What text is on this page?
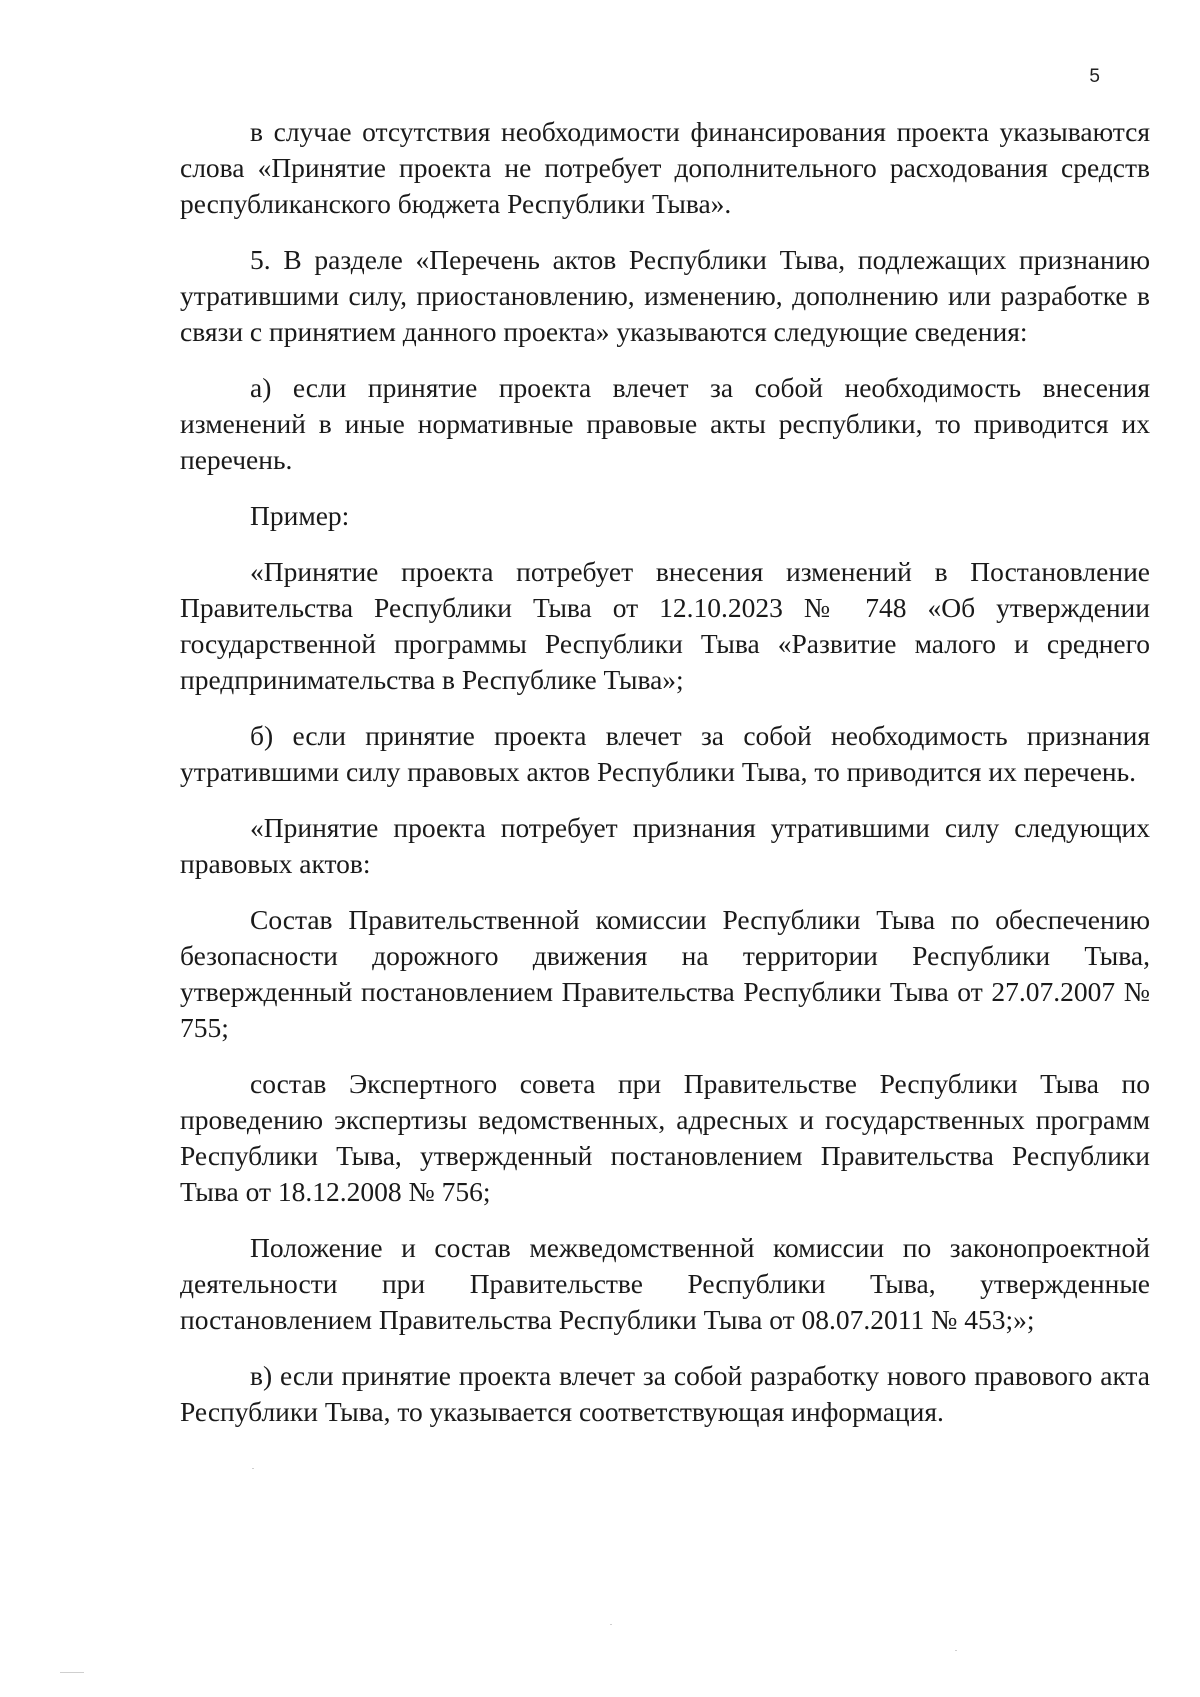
5

в случае отсутствия необходимости финансирования проекта указываются слова «Принятие проекта не потребует дополнительного расходования средств республиканского бюджета Республики Тыва».

5. В разделе «Перечень актов Республики Тыва, подлежащих признанию утратившими силу, приостановлению, изменению, дополнению или разработке в связи с принятием данного проекта» указываются следующие сведения:

а) если принятие проекта влечет за собой необходимость внесения изменений в иные нормативные правовые акты республики, то приводится их перечень.

Пример:

«Принятие проекта потребует внесения изменений в Постановление Правительства Республики Тыва от 12.10.2023 № 748 «Об утверждении государственной программы Республики Тыва «Развитие малого и среднего предпринимательства в Республике Тыва»;

б) если принятие проекта влечет за собой необходимость признания утратившими силу правовых актов Республики Тыва, то приводится их перечень.

«Принятие проекта потребует признания утратившими силу следующих правовых актов:

Состав Правительственной комиссии Республики Тыва по обеспечению безопасности дорожного движения на территории Республики Тыва, утвержденный постановлением Правительства Республики Тыва от 27.07.2007 № 755;

состав Экспертного совета при Правительстве Республики Тыва по проведению экспертизы ведомственных, адресных и государственных программ Республики Тыва, утвержденный постановлением Правительства Республики Тыва от 18.12.2008 № 756;

Положение и состав межведомственной комиссии по законопроектной деятельности при Правительстве Республики Тыва, утвержденные постановлением Правительства Республики Тыва от 08.07.2011 № 453;»;

в) если принятие проекта влечет за собой разработку нового правового акта Республики Тыва, то указывается соответствующая информация.
